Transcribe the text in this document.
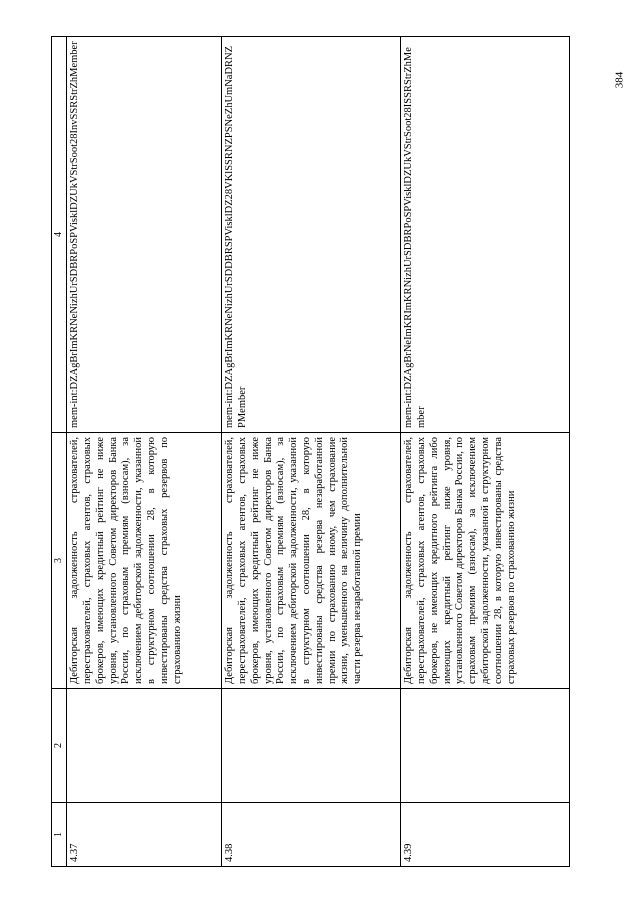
1	2	3	4
4.37		Дебиторская задолженность страхователей, перестрахователей, страховых агентов, страховых брокеров, имеющих кредитный рейтинг не ниже уровня, установленного Советом директоров Банка России, по страховым премиям (взносам), за исключением дебиторской задолженности, указанной в структурном соотношении 28, в которую инвестированы средства страховых резервов по страхованию жизни	mem-int:DZAgBrImKRNeNizhUrSDBRPoSPVisklDZUkVStrSoot28InvSSRStrZhMember
4.38		Дебиторская задолженность страхователей, перестрахователей, страховых агентов, страховых брокеров, имеющих кредитный рейтинг не ниже уровня, установленного Советом директоров Банка России, по страховым премиям (взносам), за исключением дебиторской задолженности, указанной в структурном соотношении 28, в которую инвестированы средства резерва незаработанной премии по страхованию иному, чем страхование жизни, уменьшенного на величину дополнительной части резерва незаработанной премии	mem-int:DZAgBrImKRNeNizhUrSDDBRSPVisklDZ28VKlSSRNZPSNeZhUmNaDRNZPMember
4.39		Дебиторская задолженность страхователей, перестрахователей, страховых агентов, страховых брокеров, не имеющих кредитного рейтинга либо имеющих кредитный рейтинг ниже уровня, установленного Советом директоров Банка России, по страховым премиям (взносам), за исключением дебиторской задолженности, указанной в структурном соотношении 28, в которую инвестированы средства страховых резервов по страхованию жизни	mem-int:DZAgBrNeImKRImKRNizhUrSDBRPoSPVisklDZUkVStrSoot28ISSRStrZhMember
384
